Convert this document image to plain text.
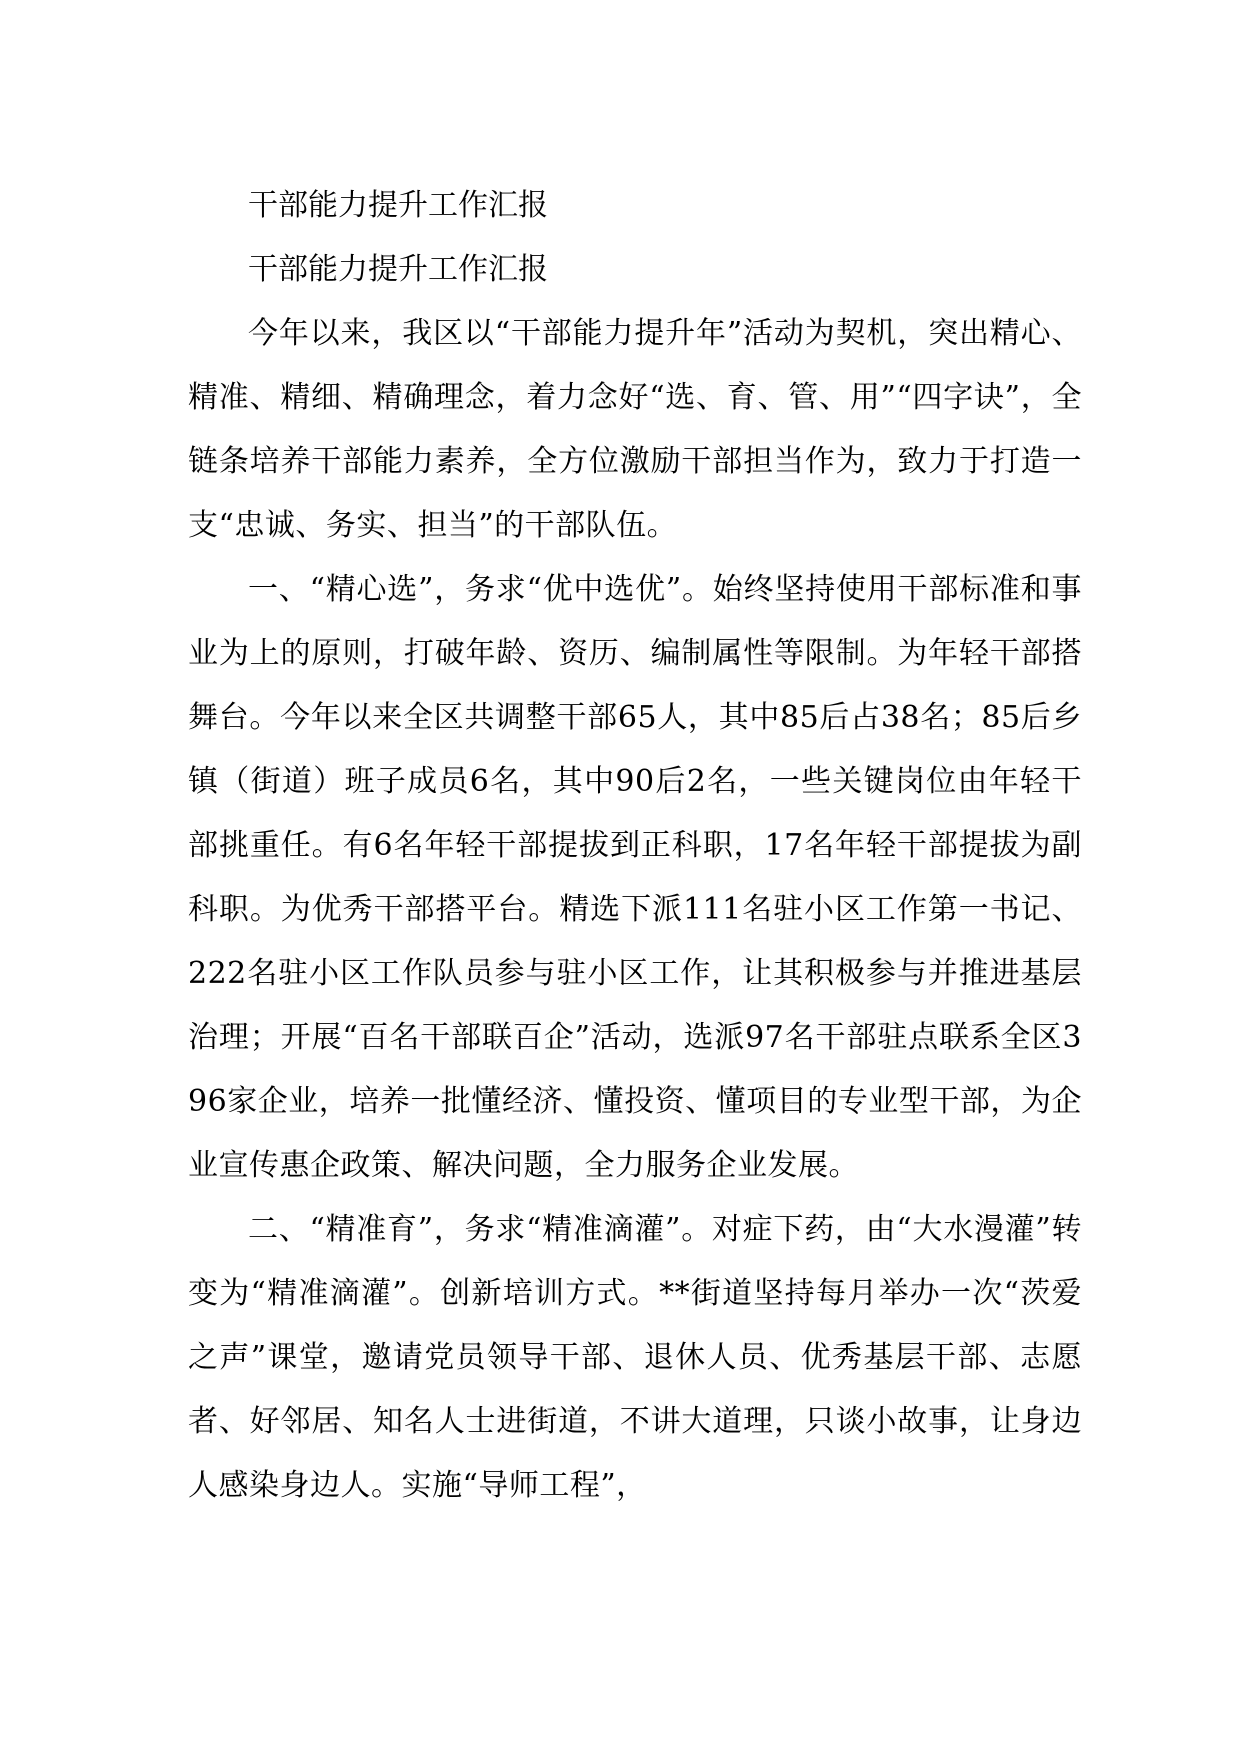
干部能力提升工作汇报

干部能力提升工作汇报

今年以来，我区以“干部能力提升年”活动为契机，突出精心、精准、精细、精确理念，着力念好“选、育、管、用”“四字诀”，全链条培养干部能力素养，全方位激励干部担当作为，致力于打造一支“忠诚、务实、担当”的干部队伍。

一、“精心选”，务求“优中选优”。始终坚持使用干部标准和事业为上的原则，打破年龄、资历、编制属性等限制。为年轻干部搭舞台。今年以来全区共调整干部65人，其中85后占38名；85后乡镇（街道）班子成员6名，其中90后2名，一些关键岗位由年轻干部挑重任。有6名年轻干部提拔到正科职，17名年轻干部提拔为副科职。为优秀干部搭平台。精选下派111名驻小区工作第一书记、222名驻小区工作队员参与驻小区工作，让其积极参与并推进基层治理；开展“百名干部联百企”活动，选派97名干部驻点联系全区396家企业，培养一批懂经济、懂投资、懂项目的专业型干部，为企业宣传惠企政策、解决问题，全力服务企业发展。

二、“精准育”，务求“精准滴灌”。对症下药，由“大水漫灌”转变为“精准滴灌”。创新培训方式。**街道坚持每月举办一次“茨爱之声”课堂，邀请党员领导干部、退休人员、优秀基层干部、志愿者、好邻居、知名人士进街道，不讲大道理，只谈小故事，让身边人感染身边人。实施“导师工程”，
